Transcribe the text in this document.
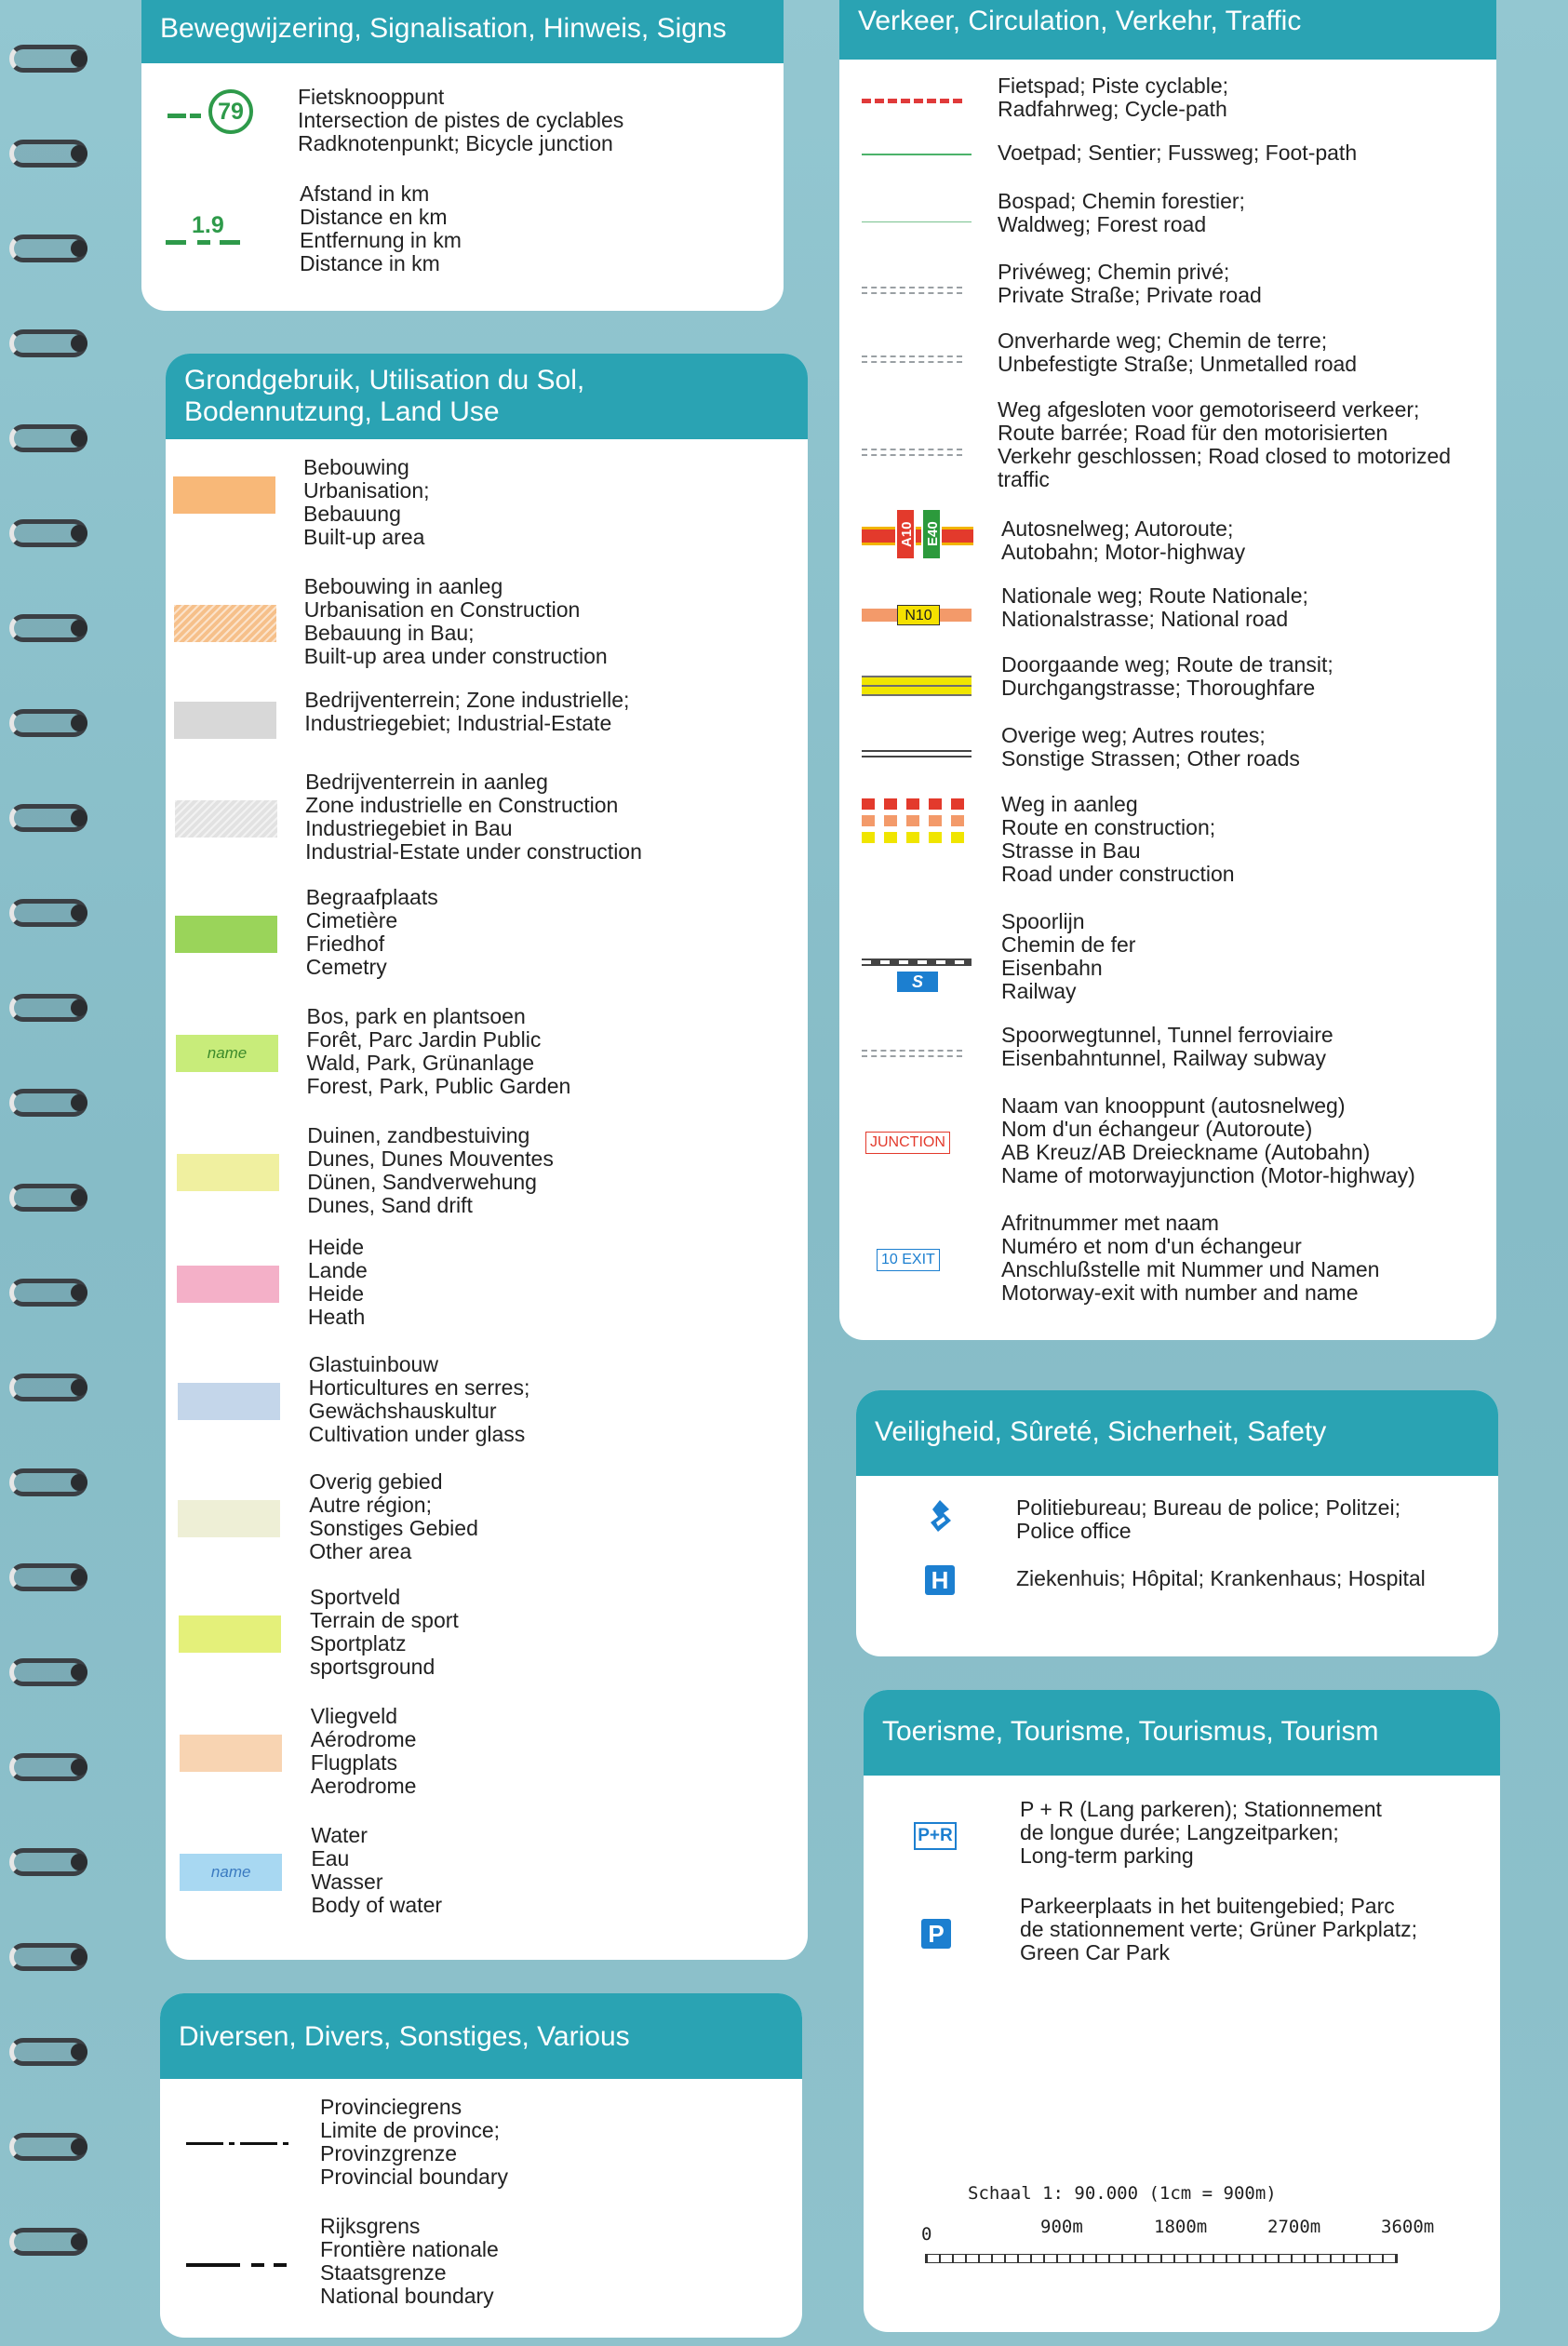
Bewegwijzering, Signalisation, Hinweis, Signs
79
Fietsknooppunt
Intersection de pistes de cyclables
Radknotenpunkt; Bicycle junction
1.9
Afstand in km
Distance en km
Entfernung in km
Distance in km
Grondgebruik, Utilisation du Sol,
Bodennutzung, Land Use
Bebouwing
Urbanisation;
Bebauung
Built-up area
Bebouwing in aanleg
Urbanisation en Construction
Bebauung in Bau;
Built-up area under construction
Bedrijventerrein; Zone industrielle;
Industriegebiet; Industrial-Estate
Bedrijventerrein in aanleg
Zone industrielle en Construction
Industriegebiet in Bau
Industrial-Estate under construction
Begraafplaats
Cimetière
Friedhof
Cemetry
name
Bos, park en plantsoen
Forêt, Parc Jardin Public
Wald, Park, Grünanlage
Forest, Park, Public Garden
Duinen, zandbestuiving
Dunes, Dunes Mouventes
Dünen, Sandverwehung
Dunes, Sand drift
Heide
Lande
Heide
Heath
Glastuinbouw
Horticultures en serres;
Gewächshauskultur
Cultivation under glass
Overig gebied
Autre région;
Sonstiges Gebied
Other area
Sportveld
Terrain de sport
Sportplatz
sportsground
Vliegveld
Aérodrome
Flugplats
Aerodrome
name
Water
Eau
Wasser
Body of water
Diversen, Divers, Sonstiges, Various
Provinciegrens
Limite de province;
Provinzgrenze
Provincial boundary
Rijksgrens
Frontière nationale
Staatsgrenze
National boundary
Verkeer, Circulation, Verkehr, Traffic
Fietspad; Piste cyclable;
Radfahrweg; Cycle-path
Voetpad; Sentier; Fussweg; Foot-path
Bospad; Chemin forestier;
Waldweg; Forest road
Privéweg; Chemin privé;
Private Straße; Private road
Onverharde weg; Chemin de terre;
Unbefestigte Straße; Unmetalled road
Weg afgesloten voor gemotoriseerd verkeer;
Route barrée; Road für den motorisierten
Verkehr geschlossen; Road closed to motorized
traffic
A10 E40	Autosnelweg; Autoroute;
Autobahn; Motor-highway
N10
Nationale weg; Route Nationale;
Nationalstrasse; National road
Doorgaande weg; Route de transit;
Durchgangstrasse; Thoroughfare
Overige weg; Autres routes;
Sonstige Strassen; Other roads
Weg in aanleg
Route en construction;
Strasse in Bau
Road under construction
S
Spoorlijn
Chemin de fer
Eisenbahn
Railway
Spoorwegtunnel, Tunnel ferroviaire
Eisenbahntunnel, Railway subway
JUNCTION
Naam van knooppunt (autosnelweg)
Nom d'un échangeur (Autoroute)
AB Kreuz/AB Dreieckname (Autobahn)
Name of motorwayjunction (Motor-highway)
10 EXIT
Afritnummer met naam
Numéro et nom d'un échangeur
Anschlußstelle mit Nummer und Namen
Motorway-exit with number and name
Veiligheid, Sûreté, Sicherheit, Safety
Politiebureau; Bureau de police; Politzei;
Police office
H	Ziekenhuis; Hôpital; Krankenhaus; Hospital
Toerisme, Tourisme, Tourismus, Tourism
P+R
P + R (Lang parkeren); Stationnement
de longue durée; Langzeitparken;
Long-term parking
P
Parkeerplaats in het buitengebied; Parc
de stationnement verte; Grüner Parkplatz;
Green Car Park
Schaal 1: 90.000 (1cm = 900m)
0	900m	1800m	2700m	3600m
